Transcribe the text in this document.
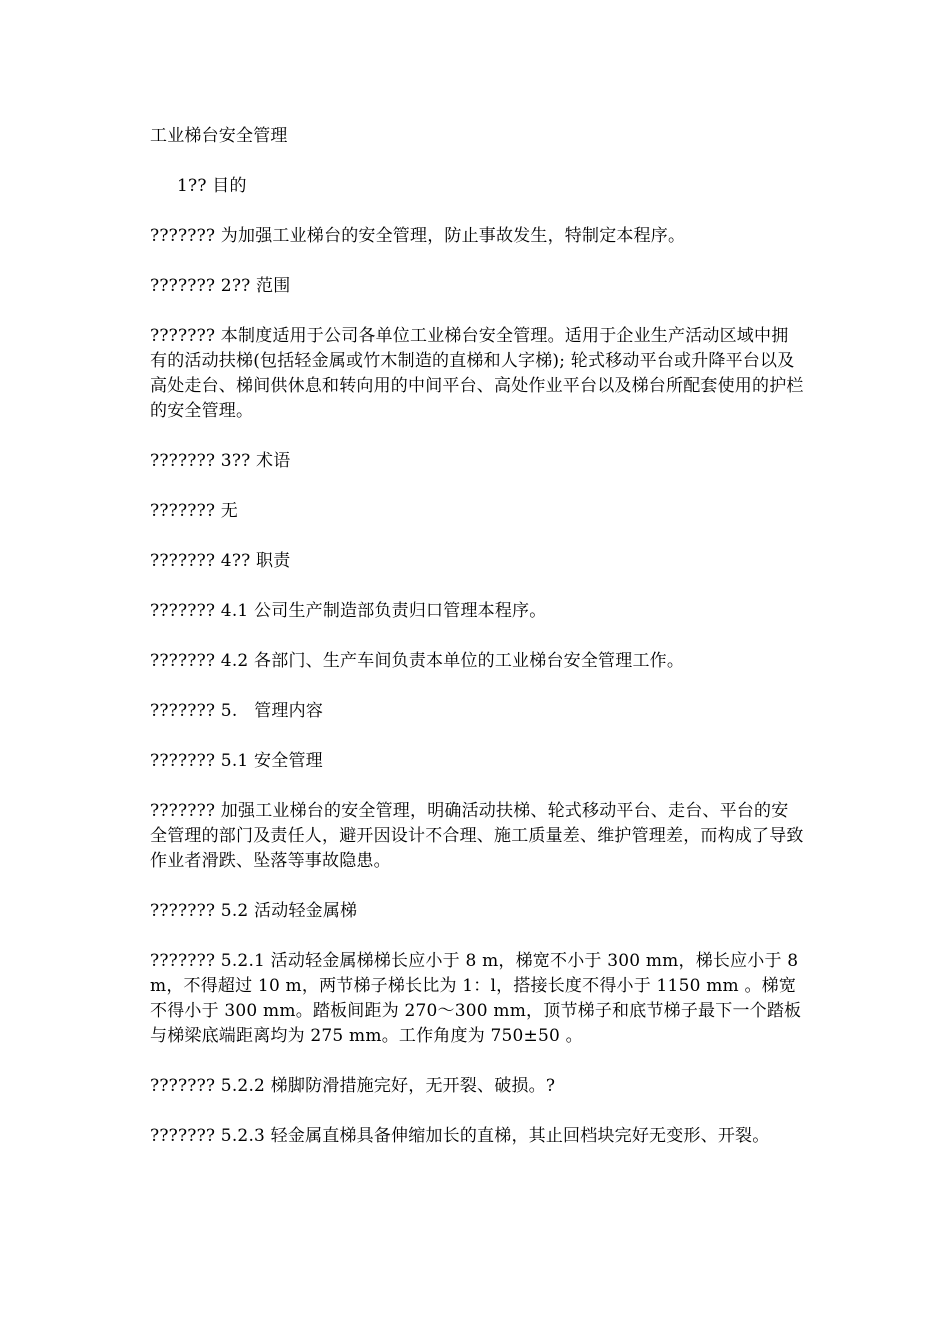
工业梯台安全管理

1?? 目的

??????? 为加强工业梯台的安全管理，防止事故发生，特制定本程序。

??????? 2?? 范围

??????? 本制度适用于公司各单位工业梯台安全管理。适用于企业生产活动区域中拥有的活动扶梯(包括轻金属或竹木制造的直梯和人字梯); 轮式移动平台或升降平台以及高处走台、梯间供休息和转向用的中间平台、高处作业平台以及梯台所配套使用的护栏的安全管理。

??????? 3?? 术语

??????? 无

??????? 4?? 职责

??????? 4.1 公司生产制造部负责归口管理本程序。

??????? 4.2 各部门、生产车间负责本单位的工业梯台安全管理工作。

??????? 5.   管理内容

??????? 5.1 安全管理

??????? 加强工业梯台的安全管理，明确活动扶梯、轮式移动平台、走台、平台的安全管理的部门及责任人，避开因设计不合理、施工质量差、维护管理差，而构成了导致作业者滑跌、坠落等事故隐患。

??????? 5.2 活动轻金属梯

??????? 5.2.1 活动轻金属梯梯长应小于 8 m，梯宽不小于 300 mm，梯长应小于 8 m，不得超过 10 m，两节梯子梯长比为 1：l，搭接长度不得小于 1150 mm 。梯宽不得小于 300 mm。踏板间距为 270～300 mm，顶节梯子和底节梯子最下一个踏板与梯梁底端距离均为 275 mm。工作角度为 750±50 。

??????? 5.2.2 梯脚防滑措施完好，无开裂、破损。?

??????? 5.2.3 轻金属直梯具备伸缩加长的直梯，其止回档块完好无变形、开裂。
